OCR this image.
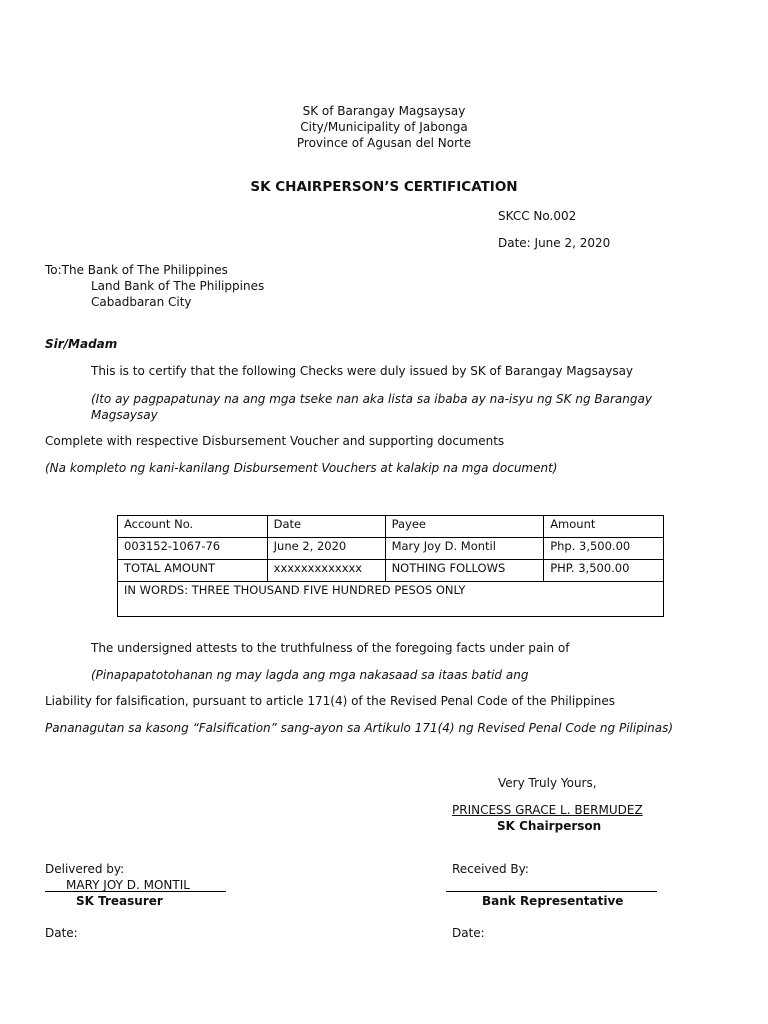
SK of Barangay Magsaysay
City/Municipality of Jabonga
Province of Agusan del Norte
SK CHAIRPERSON’S CERTIFICATION
SKCC No.002
Date: June 2, 2020
To:The Bank of The Philippines
Land Bank of The Philippines
Cabadbaran City
Sir/Madam
This is to certify that the following Checks were duly issued by SK of Barangay Magsaysay
(Ito ay pagpapatunay na ang mga tseke nan aka lista sa ibaba ay na-isyu ng SK ng Barangay
Magsaysay
Complete with respective Disbursement Voucher and supporting documents
(Na kompleto ng kani-kanilang Disbursement Vouchers at kalakip na mga document)
Account No.	Date	Payee	Amount
003152-1067-76	June 2, 2020	Mary Joy D. Montil	Php. 3,500.00
TOTAL AMOUNT	xxxxxxxxxxxxx	NOTHING FOLLOWS	PHP. 3,500.00
IN WORDS: THREE THOUSAND FIVE HUNDRED PESOS ONLY			
The undersigned attests to the truthfulness of the foregoing facts under pain of
(Pinapapatotohanan ng may lagda ang mga nakasaad sa itaas batid ang
Liability for falsification, pursuant to article 171(4) of the Revised Penal Code of the Philippines
Pananagutan sa kasong “Falsification” sang-ayon sa Artikulo 171(4) ng Revised Penal Code ng Pilipinas)
Very Truly Yours,
PRINCESS GRACE L. BERMUDEZ
SK Chairperson
Delivered by:
MARY JOY D. MONTIL
SK Treasurer
Date:
Received By:
Bank Representative
Date:
